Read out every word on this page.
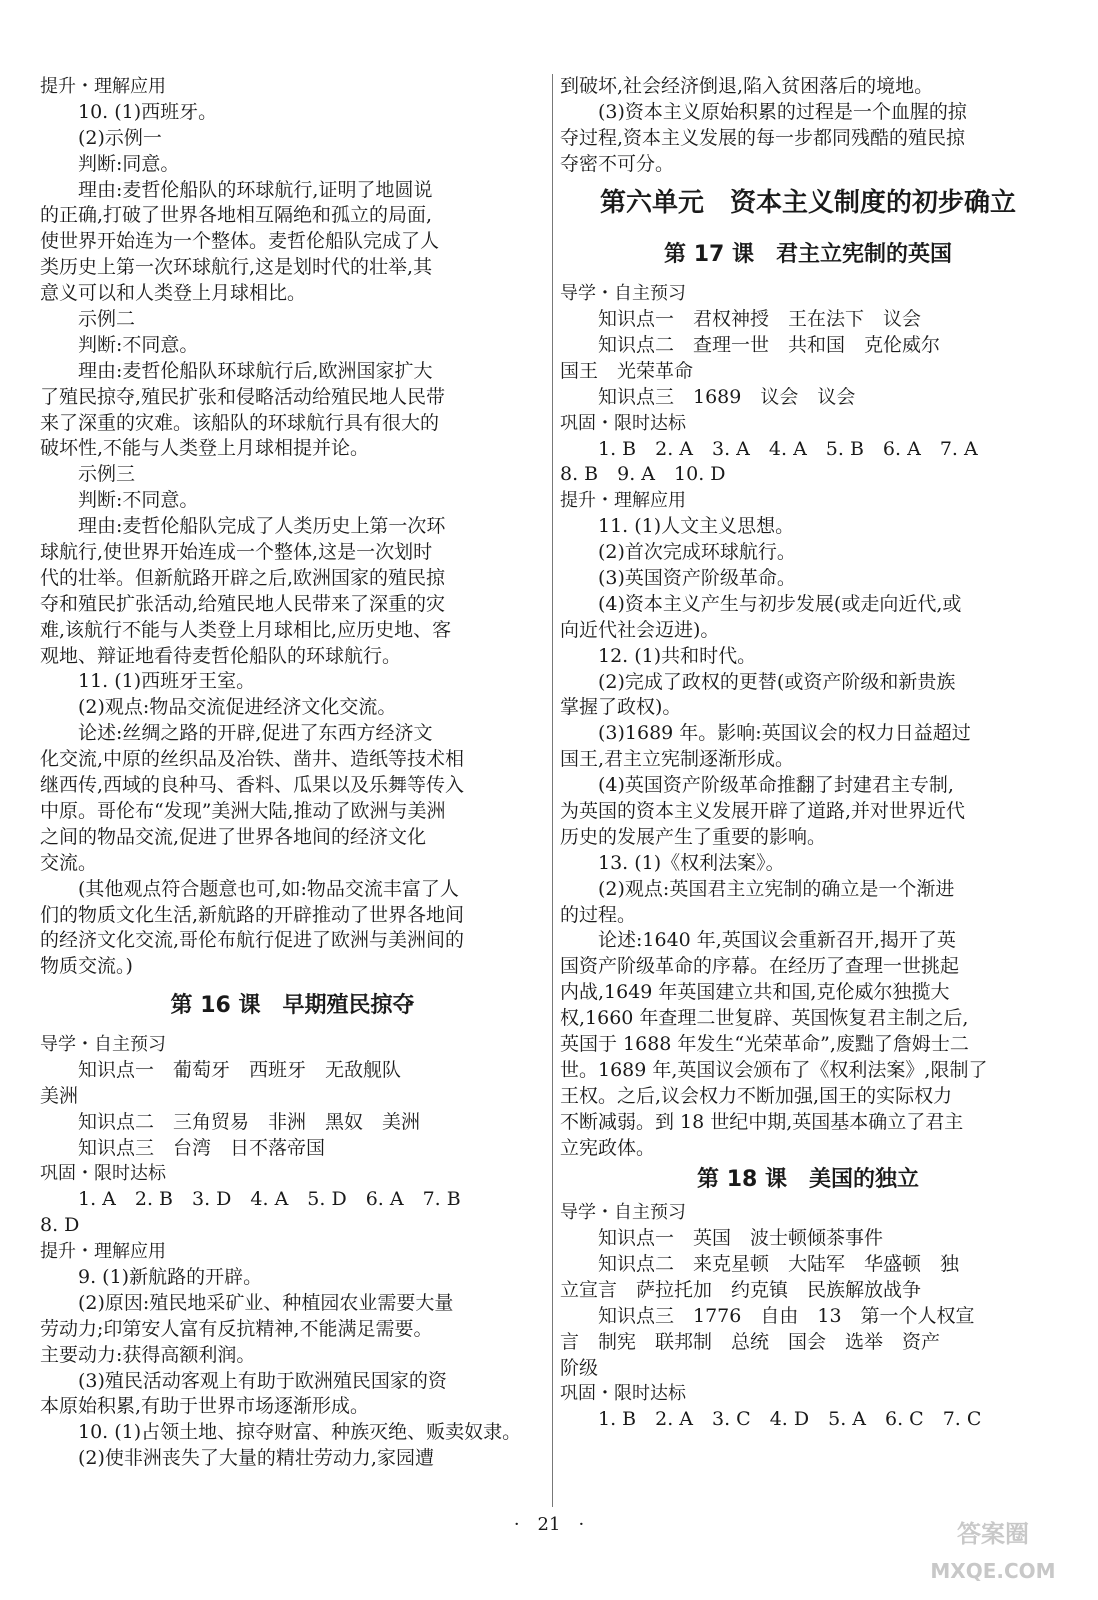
提升・理解应用
10. (1)西班牙。
(2)示例一
判断:同意。
理由:麦哲伦船队的环球航行,证明了地圆说
的正确,打破了世界各地相互隔绝和孤立的局面,
使世界开始连为一个整体。麦哲伦船队完成了人
类历史上第一次环球航行,这是划时代的壮举,其
意义可以和人类登上月球相比。
示例二
判断:不同意。
理由:麦哲伦船队环球航行后,欧洲国家扩大
了殖民掠夺,殖民扩张和侵略活动给殖民地人民带
来了深重的灾难。该船队的环球航行具有很大的
破坏性,不能与人类登上月球相提并论。
示例三
判断:不同意。
理由:麦哲伦船队完成了人类历史上第一次环
球航行,使世界开始连成一个整体,这是一次划时
代的壮举。但新航路开辟之后,欧洲国家的殖民掠
夺和殖民扩张活动,给殖民地人民带来了深重的灾
难,该航行不能与人类登上月球相比,应历史地、客
观地、辩证地看待麦哲伦船队的环球航行。
11. (1)西班牙王室。
(2)观点:物品交流促进经济文化交流。
论述:丝绸之路的开辟,促进了东西方经济文
化交流,中原的丝织品及冶铁、凿井、造纸等技术相
继西传,西域的良种马、香料、瓜果以及乐舞等传入
中原。哥伦布“发现”美洲大陆,推动了欧洲与美洲
之间的物品交流,促进了世界各地间的经济文化
交流。
(其他观点符合题意也可,如:物品交流丰富了人
们的物质文化生活,新航路的开辟推动了世界各地间
的经济文化交流,哥伦布航行促进了欧洲与美洲间的
物质交流。)
第 16 课　早期殖民掠夺
导学・自主预习
知识点一　葡萄牙　西班牙　无敌舰队
美洲
知识点二　三角贸易　非洲　黑奴　美洲
知识点三　台湾　日不落帝国
巩固・限时达标
1. A　2. B　3. D　4. A　5. D　6. A　7. B
8. D
提升・理解应用
9. (1)新航路的开辟。
(2)原因:殖民地采矿业、种植园农业需要大量
劳动力;印第安人富有反抗精神,不能满足需要。
主要动力:获得高额利润。
(3)殖民活动客观上有助于欧洲殖民国家的资
本原始积累,有助于世界市场逐渐形成。
10. (1)占领土地、掠夺财富、种族灭绝、贩卖奴隶。
(2)使非洲丧失了大量的精壮劳动力,家园遭
到破坏,社会经济倒退,陷入贫困落后的境地。
(3)资本主义原始积累的过程是一个血腥的掠
夺过程,资本主义发展的每一步都同残酷的殖民掠
夺密不可分。
第六单元　资本主义制度的初步确立
第 17 课　君主立宪制的英国
导学・自主预习
知识点一　君权神授　王在法下　议会
知识点二　查理一世　共和国　克伦威尔
国王　光荣革命
知识点三　1689　议会　议会
巩固・限时达标
1. B　2. A　3. A　4. A　5. B　6. A　7. A
8. B　9. A　10. D
提升・理解应用
11. (1)人文主义思想。
(2)首次完成环球航行。
(3)英国资产阶级革命。
(4)资本主义产生与初步发展(或走向近代,或
向近代社会迈进)。
12. (1)共和时代。
(2)完成了政权的更替(或资产阶级和新贵族
掌握了政权)。
(3)1689 年。影响:英国议会的权力日益超过
国王,君主立宪制逐渐形成。
(4)英国资产阶级革命推翻了封建君主专制,
为英国的资本主义发展开辟了道路,并对世界近代
历史的发展产生了重要的影响。
13. (1)《权利法案》。
(2)观点:英国君主立宪制的确立是一个渐进
的过程。
论述:1640 年,英国议会重新召开,揭开了英
国资产阶级革命的序幕。在经历了查理一世挑起
内战,1649 年英国建立共和国,克伦威尔独揽大
权,1660 年查理二世复辟、英国恢复君主制之后,
英国于 1688 年发生“光荣革命”,废黜了詹姆士二
世。1689 年,英国议会颁布了《权利法案》,限制了
王权。之后,议会权力不断加强,国王的实际权力
不断减弱。到 18 世纪中期,英国基本确立了君主
立宪政体。
第 18 课　美国的独立
导学・自主预习
知识点一　英国　波士顿倾茶事件
知识点二　来克星顿　大陆军　华盛顿　独
立宣言　萨拉托加　约克镇　民族解放战争
知识点三　1776　自由　13　第一个人权宣
言　制宪　联邦制　总统　国会　选举　资产
阶级
巩固・限时达标
1. B　2. A　3. C　4. D　5. A　6. C　7. C
·　21　·	答案圈
MXQE.COM
